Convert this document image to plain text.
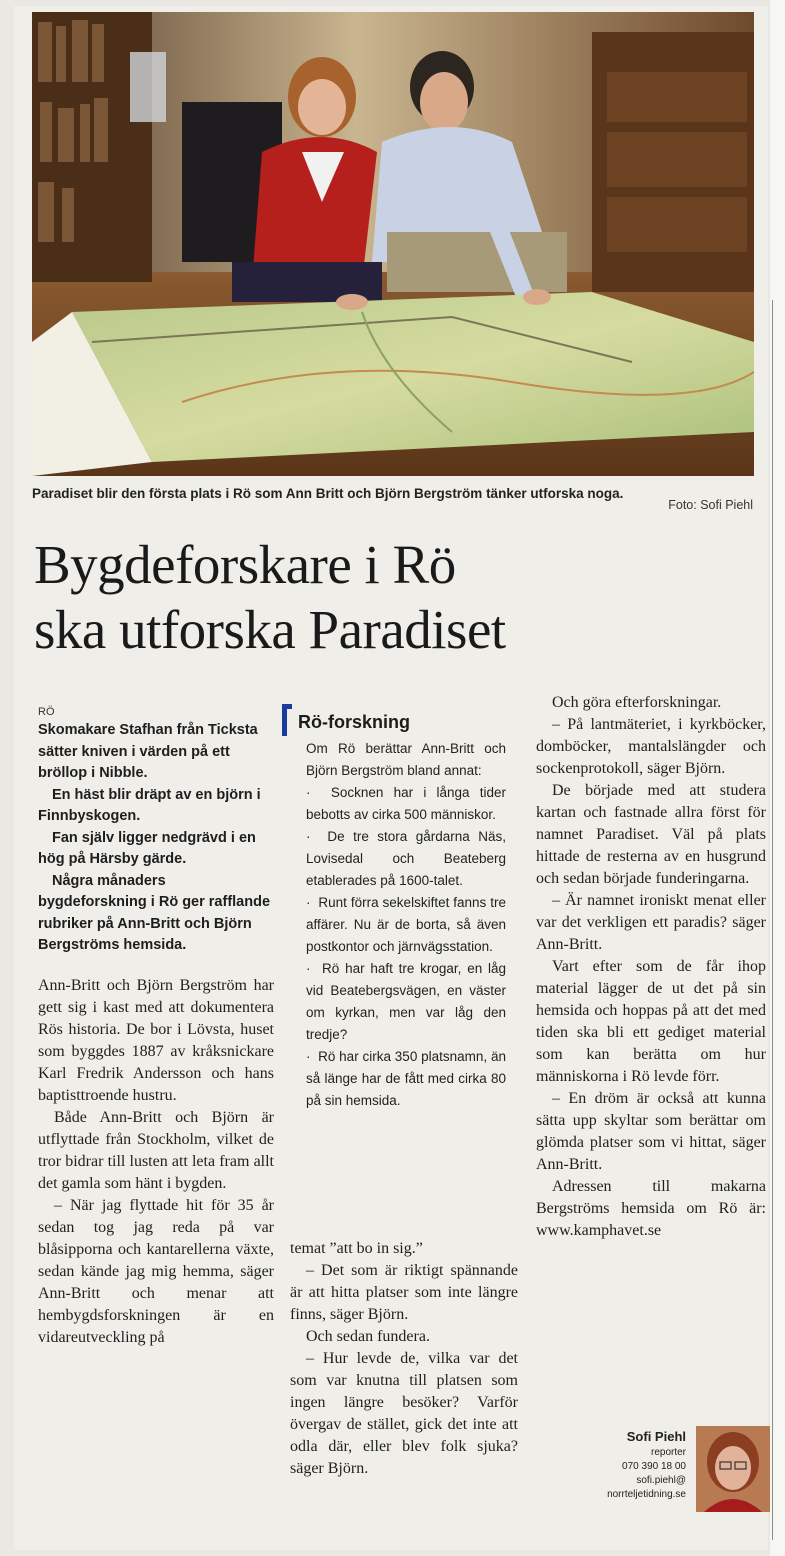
Paradiset blir den första plats i Rö som Ann Britt och Björn Bergström tänker utforska noga.
Foto: Sofi Piehl
Bygdeforskare i Rö
ska utforska Paradiset
RÖ

Skomakare Stafhan från Ticksta sätter kniven i värden på ett bröllop i Nibble.

En häst blir dräpt av en björn i Finnbyskogen.

Fan själv ligger nedgrävd i en hög på Härsby gärde.

Några månaders bygdeforskning i Rö ger rafflande rubriker på Ann-Britt och Björn Bergströms hemsida.

Ann-Britt och Björn Bergström har gett sig i kast med att dokumentera Rös historia. De bor i Lövsta, huset som byggdes 1887 av kråksnickare Karl Fredrik Andersson och hans baptisttroende hustru.

Både Ann-Britt och Björn är utflyttade från Stockholm, vilket de tror bidrar till lusten att leta fram allt det gamla som hänt i bygden.

– När jag flyttade hit för 35 år sedan tog jag reda på var blåsipporna och kantarellerna växte, sedan kände jag mig hemma, säger Ann-Britt och menar att hembygdsforskningen är en vidareutveckling på

Rö-forskning

Om Rö berättar Ann-Britt och Björn Bergström bland annat:

·  Socknen har i långa tider bebotts av cirka 500 människor.

·  De tre stora gårdarna Näs, Lovisedal och Beateberg etablerades på 1600-talet.

·  Runt förra sekelskiftet fanns tre affärer. Nu är de borta, så även postkontor och järnvägsstation.

·  Rö har haft tre krogar, en låg vid Beatebergsvägen, en väster om kyrkan, men var låg den tredje?

·  Rö har cirka 350 platsnamn, än så länge har de fått med cirka 80 på sin hemsida.

temat ”att bo in sig.”

– Det som är riktigt spännande är att hitta platser som inte längre finns, säger Björn.

Och sedan fundera.

– Hur levde de, vilka var det som var knutna till platsen som ingen längre besöker? Varför övergav de stället, gick det inte att odla där, eller blev folk sjuka? säger Björn.

Och göra efterforskningar.

– På lantmäteriet, i kyrkböcker, domböcker, mantalslängder och sockenprotokoll, säger Björn.

De började med att studera kartan och fastnade allra först för namnet Paradiset. Väl på plats hittade de resterna av en husgrund och sedan började funderingarna.

– Är namnet ironiskt menat eller var det verkligen ett paradis? säger Ann-Britt.

Vart efter som de får ihop material lägger de ut det på sin hemsida och hoppas på att det med tiden ska bli ett gediget material som kan berätta om hur människorna i Rö levde förr.

– En dröm är också att kunna sätta upp skyltar som berättar om glömda platser som vi hittat, säger Ann-Britt.

Adressen till makarna Bergströms hemsida om Rö är: www.kamphavet.se

Sofi Piehl
reporter
070 390 18 00
sofi.piehl@
norrteljetidning.se
